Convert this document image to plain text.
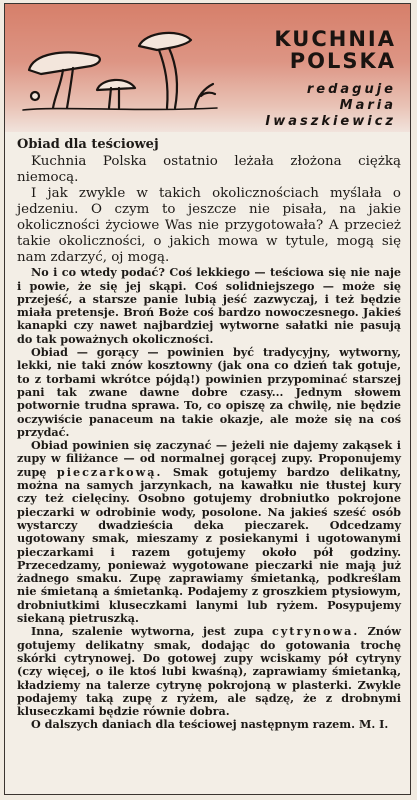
KUCHNIA
POLSKA
redaguje
Maria
Iwaszkiewicz
Obiad dla teściowej

Kuchnia Polska ostatnio leżała złożona ciężką niemocą.

I jak zwykle w takich okolicznościach myślała o jedzeniu. O czym to jeszcze nie pisała, na jakie okoliczności życiowe Was nie przygotowała? A przecież takie okoliczności, o jakich mowa w tytule, mogą się nam zdarzyć, oj mogą.

No i co wtedy podać? Coś lekkiego — teściowa się nie naje i powie, że się jej skąpi. Coś solidniejszego — może się przejeść, a starsze panie lubią jeść zazwyczaj, i też będzie miała pretensje. Broń Boże coś bardzo nowoczesnego. Jakieś kanapki czy nawet najbardziej wytworne sałatki nie pasują do tak poważnych okoliczności.

Obiad — gorący — powinien być tradycyjny, wytworny, lekki, nie taki znów kosztowny (jak ona co dzień tak gotuje, to z torbami wkrótce pójdą!) powinien przypominać starszej pani tak zwane dawne dobre czasy... Jednym słowem potwornie trudna sprawa. To, co opiszę za chwilę, nie będzie oczywiście panaceum na takie okazje, ale może się na coś przydać.

Obiad powinien się zaczynać — jeżeli nie dajemy zakąsek i zupy w filiżance — od normalnej gorącej zupy. Proponujemy zupę pieczarkową. Smak gotujemy bardzo delikatny, można na samych jarzynkach, na kawałku nie tłustej kury czy też cielęciny. Osobno gotujemy drobniutko pokrojone pieczarki w odrobinie wody, posolone. Na jakieś sześć osób wystarczy dwadzieścia deka pieczarek. Odcedzamy ugotowany smak, mieszamy z posiekanymi i ugotowanymi pieczarkami i razem gotujemy około pół godziny. Przecedzamy, ponieważ wygotowane pieczarki nie mają już żadnego smaku. Zupę zaprawiamy śmietanką, podkreślam nie śmietaną a śmietanką. Podajemy z groszkiem ptysiowym, drobniutkimi kluseczkami lanymi lub ryżem. Posypujemy siekaną pietruszką.

Inna, szalenie wytworna, jest zupa cytrynowa. Znów gotujemy delikatny smak, dodając do gotowania trochę skórki cytrynowej. Do gotowej zupy wciskamy pół cytryny (czy więcej, o ile ktoś lubi kwaśną), zaprawiamy śmietanką, kładziemy na talerze cytrynę pokrojoną w plasterki. Zwykle podajemy taką zupę z ryżem, ale sądzę, że z drobnymi kluseczkami będzie równie dobra.

O dalszych daniach dla teściowej następnym razem. M. I.
